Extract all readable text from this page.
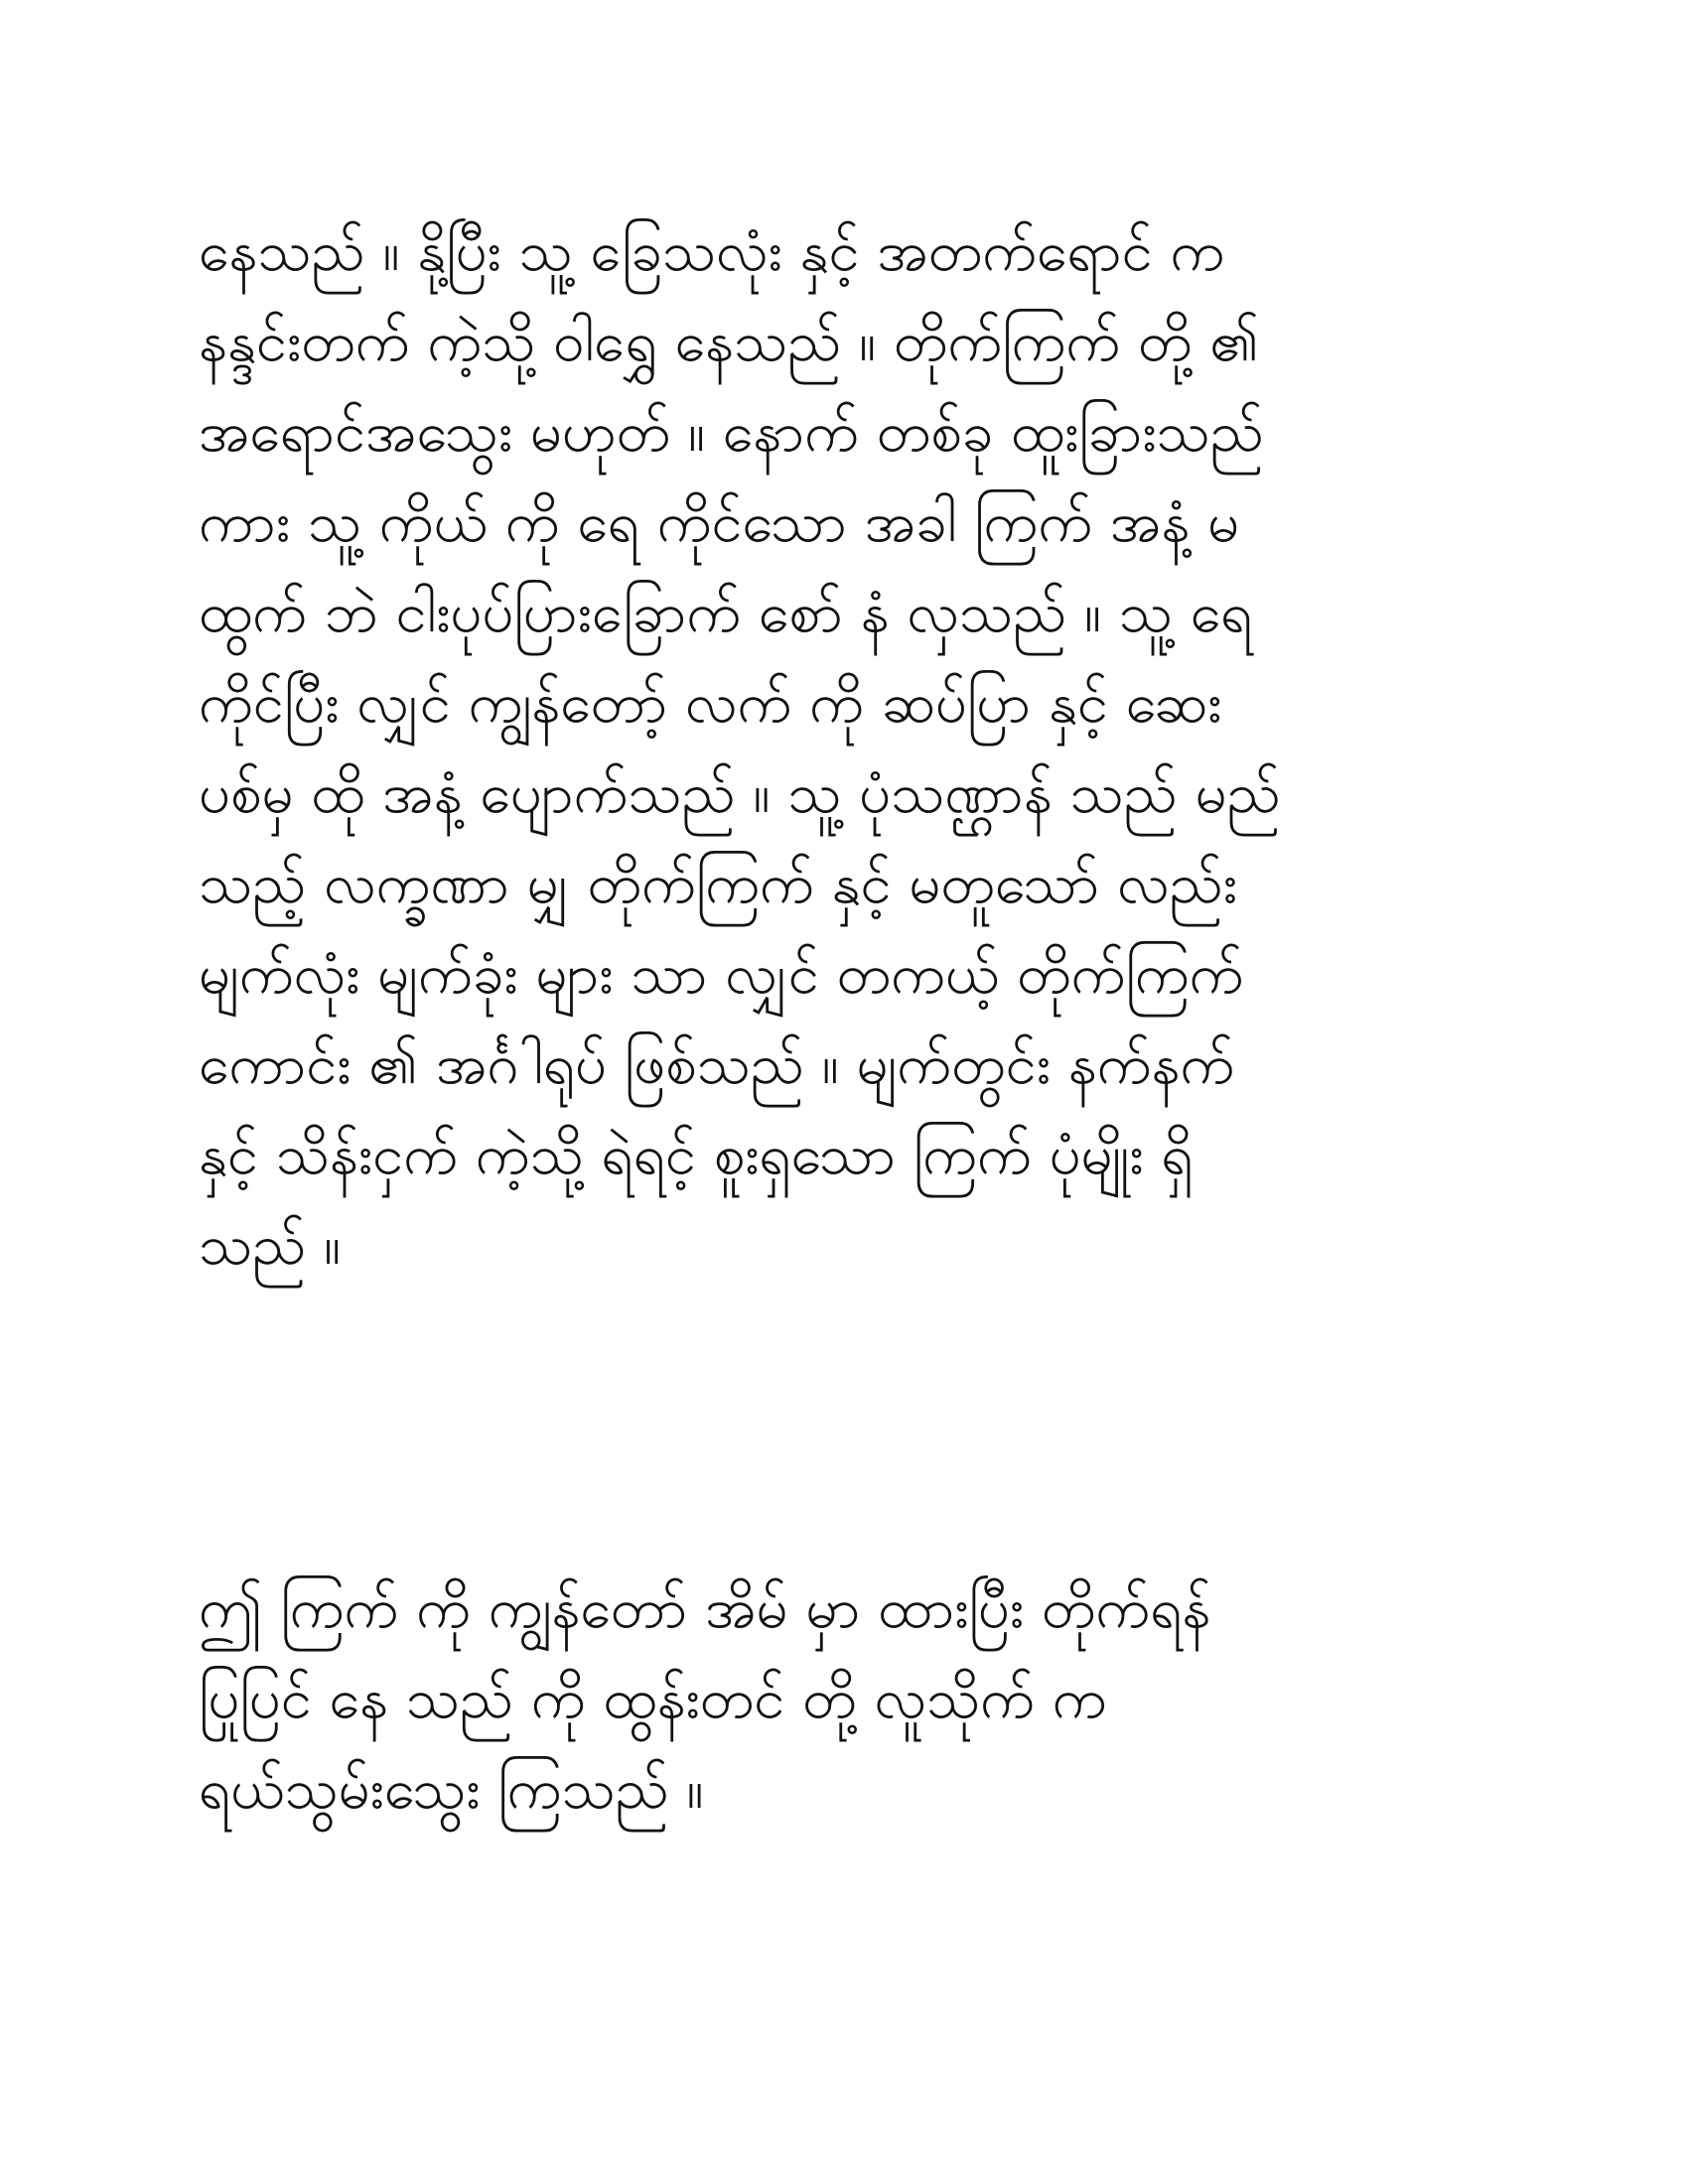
နေသည် ။ နို့ပြီး သူ့ ခြေသလုံး နှင့် အတက်ရောင် က
နန္ဒင်းတက် ကဲ့သို့ ဝါရွှေ နေသည် ။ တိုက်ကြက် တို့ ၏
အရောင်အသွေး မဟုတ် ။ နောက် တစ်ခု ထူးခြားသည်
ကား သူ့ ကိုယ် ကို ရေ ကိုင်သော အခါ ကြက် အနံ့ မ
ထွက် ဘဲ ငါးပုပ်ပြားခြောက် စော် နံ လှသည် ။ သူ့ ရေ
ကိုင်ပြီး လျှင် ကျွန်တော့် လက် ကို ဆပ်ပြာ နှင့် ဆေး
ပစ်မှ ထို အနံ့ ပျောက်သည် ။ သူ့ ပုံသဏ္ဌာန် သည် မည်
သည့် လက္ခဏာ မျှ တိုက်ကြက် နှင့် မတူသော် လည်း
မျက်လုံး မျက်ခုံး များ သာ လျှင် တကယ့် တိုက်ကြက်
ကောင်း ၏ အင်္ဂါရုပ် ဖြစ်သည် ။ မျက်တွင်း နက်နက်
နှင့် သိန်းငှက် ကဲ့သို့ ရဲရင့် စူးရှသော ကြက် ပုံမျိုး ရှိ
သည် ။
ဤ ကြက် ကို ကျွန်တော် အိမ် မှာ ထားပြီး တိုက်ရန်
ပြုပြင် နေ သည် ကို ထွန်းတင် တို့ လူသိုက် က
ရယ်သွမ်းသွေး ကြသည် ။
